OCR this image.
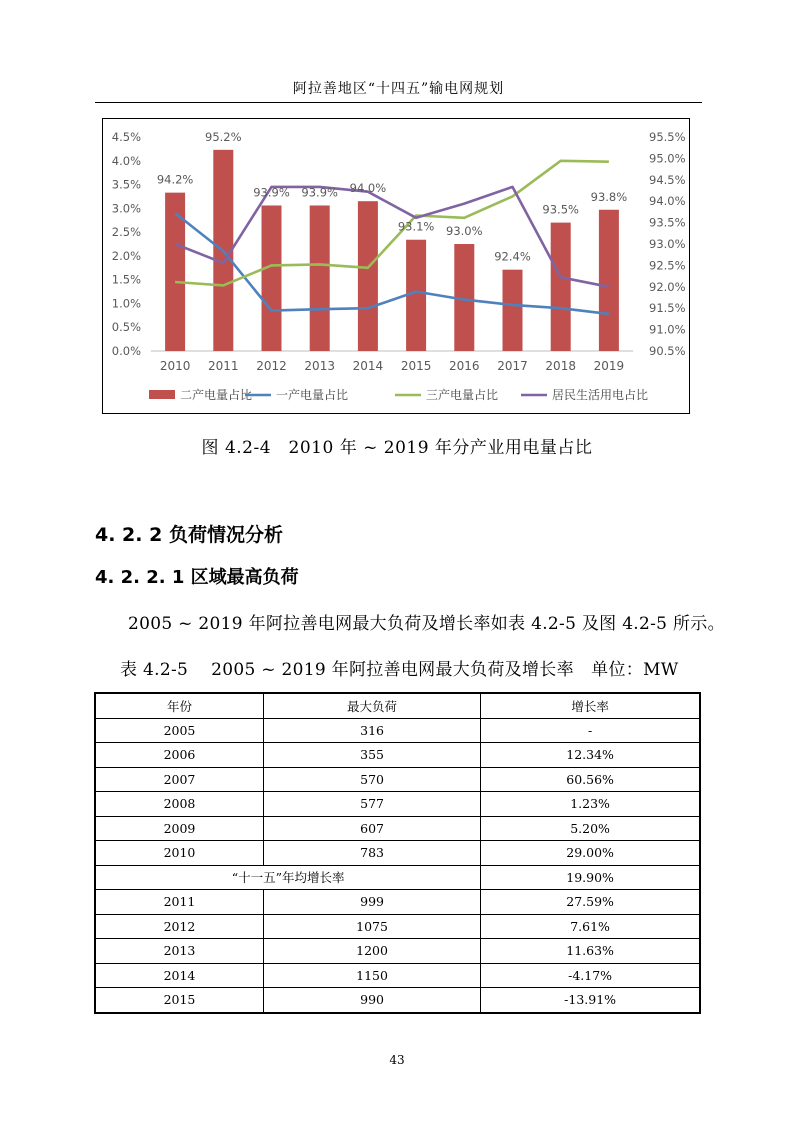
阿拉善地区“十四五”输电网规划
0.0%
0.5%
1.0%
1.5%
2.0%
2.5%
3.0%
3.5%
4.0%
4.5%
90.5%
91.0%
91.5%
92.0%
92.5%
93.0%
93.5%
94.0%
94.5%
95.0%
95.5%
2010 2011 2012 2013 2014 2015 2016 2017 2018 2019
94.2%
95.2%
93.9% 93.9% 94.0%
93.1% 93.0%
92.4%
93.5%
93.8%
二产电量占比 一产电量占比	三产电量占比	居民生活用电占比
图 4.2-4　2010 年 ~ 2019 年分产业用电量占比
4. 2. 2 负荷情况分析
4. 2. 2. 1 区域最高负荷
2005 ~ 2019 年阿拉善电网最大负荷及增长率如表 4.2-5 及图 4.2-5 所示。
表 4.2-5　 2005 ~ 2019 年阿拉善电网最大负荷及增长率　单位：MW
年份	最大负荷	增长率
2005	316	-
2006	355	12.34%
2007	570	60.56%
2008	577	1.23%
2009	607	5.20%
2010	783	29.00%
“十一五”年均增长率		19.90%
2011	999	27.59%
2012	1075	7.61%
2013	1200	11.63%
2014	1150	-4.17%
2015	990	-13.91%
43
